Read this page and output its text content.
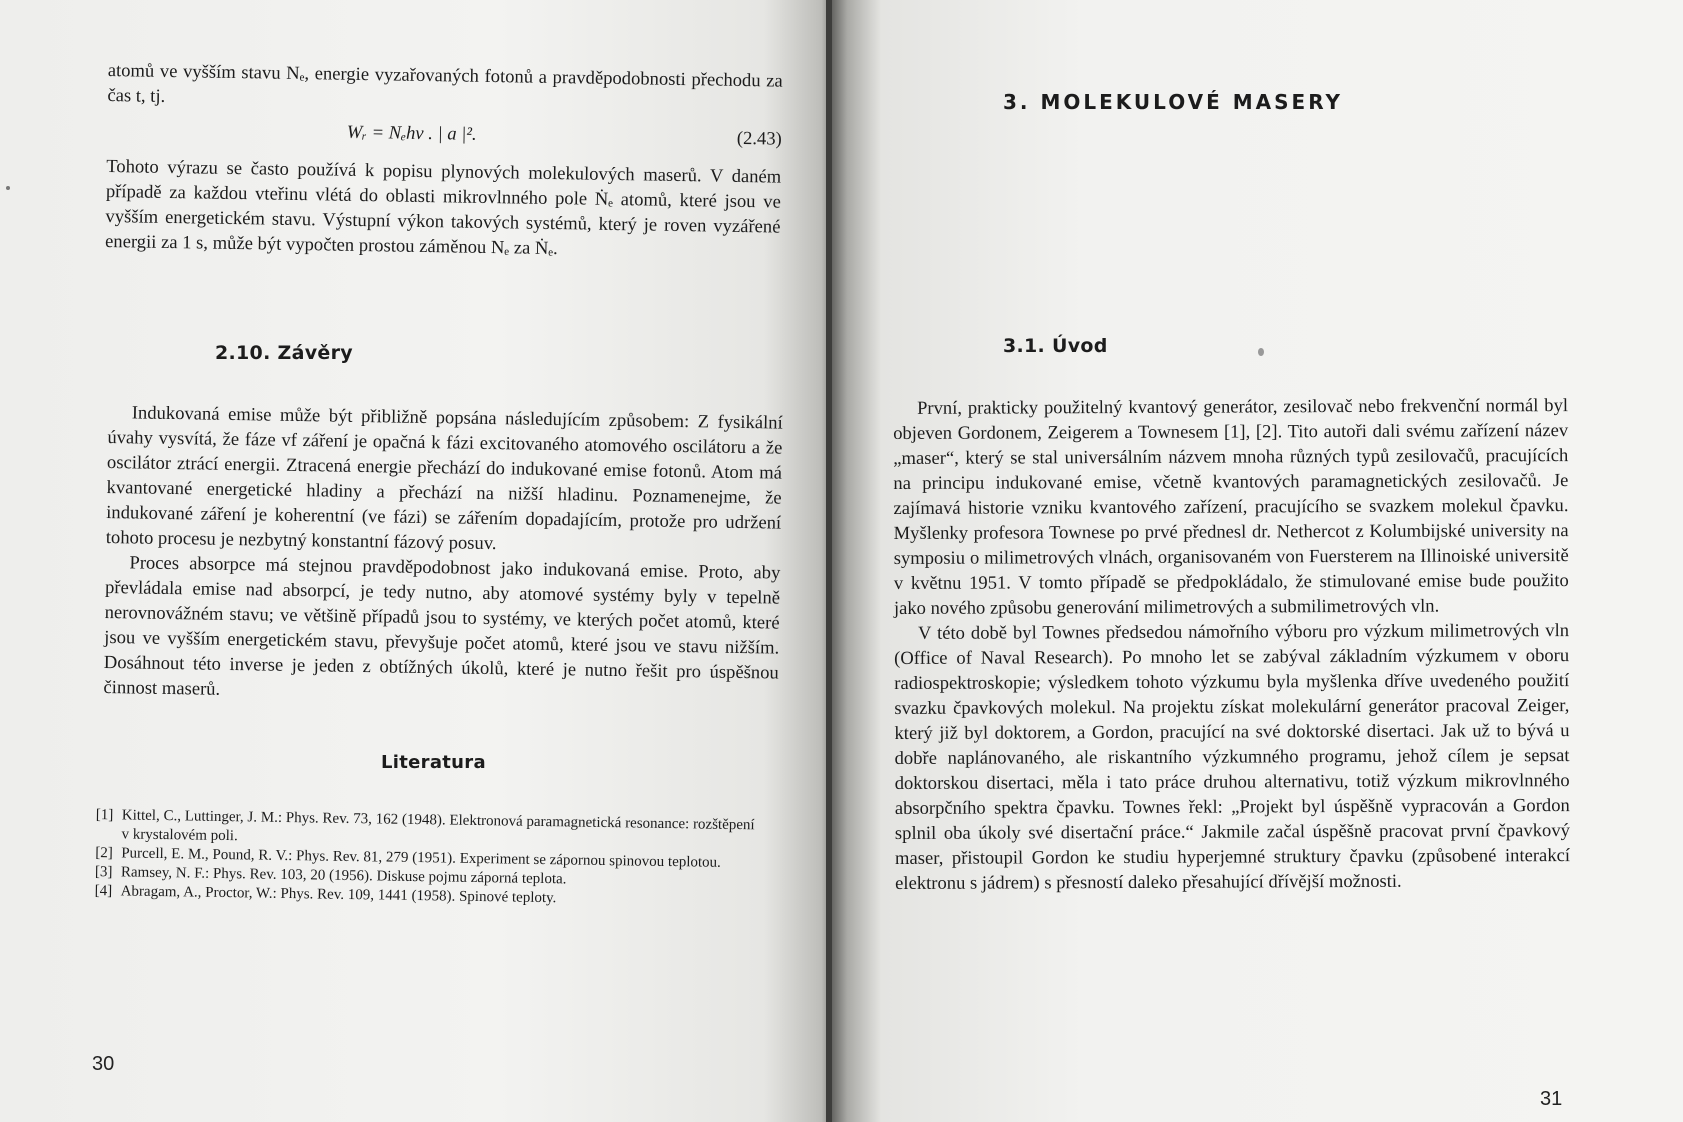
atomů ve vyšším stavu Nₑ, energie vyzařovaných fotonů a pravděpodobnosti přechodu za čas t, tj.

Wᵣ = Nₑhν . | a |².	(2.43)

Tohoto výrazu se často používá k popisu plynových molekulových maserů. V daném případě za každou vteřinu vlétá do oblasti mikrovlnného pole Ṅₑ atomů, které jsou ve vyšším energetickém stavu. Výstupní výkon takových systémů, který je roven vyzářené energii za 1 s, může být vypočten prostou záměnou Nₑ za Ṅₑ.

2.10. Závěry

Indukovaná emise může být přibližně popsána následujícím způsobem: Z fysikální úvahy vysvítá, že fáze vf záření je opačná k fázi excitovaného atomového oscilátoru a že oscilátor ztrácí energii. Ztracená energie přechází do indukované emise fotonů. Atom má kvantované energetické hladiny a přechází na nižší hladinu. Poznamenejme, že indukované záření je koherentní (ve fázi) se zářením dopadajícím, protože pro udržení tohoto procesu je nezbytný konstantní fázový posuv.

Proces absorpce má stejnou pravděpodobnost jako indukovaná emise. Proto, aby převládala emise nad absorpcí, je tedy nutno, aby atomové systémy byly v tepelně nerovnovážném stavu; ve většině případů jsou to systémy, ve kterých počet atomů, které jsou ve vyšším energetickém stavu, převyšuje počet atomů, které jsou ve stavu nižším. Dosáhnout této inverse je jeden z obtížných úkolů, které je nutno řešit pro úspěšnou činnost maserů.

Literatura
[1] Kittel, C., Luttinger, J. M.: Phys. Rev. 73, 162 (1948). Elektronová paramagnetická resonance: rozštěpení v krystalovém poli.
[2] Purcell, E. M., Pound, R. V.: Phys. Rev. 81, 279 (1951). Experiment se zápornou spinovou teplotou.
[3] Ramsey, N. F.: Phys. Rev. 103, 20 (1956). Diskuse pojmu záporná teplota.
[4] Abragam, A., Proctor, W.: Phys. Rev. 109, 1441 (1958). Spinové teploty.
30
3. MOLEKULOVÉ MASERY
3.1. Úvod

První, prakticky použitelný kvantový generátor, zesilovač nebo frekvenční normál byl objeven Gordonem, Zeigerem a Townesem [1], [2]. Tito autoři dali svému zařízení název „maser“, který se stal universálním názvem mnoha různých typů zesilovačů, pracujících na principu indukované emise, včetně kvantových paramagnetických zesilovačů. Je zajímavá historie vzniku kvantového zařízení, pracujícího se svazkem molekul čpavku. Myšlenky profesora Townese po prvé přednesl dr. Nethercot z Kolumbijské university na symposiu o milimetrových vlnách, organisovaném von Fuersterem na Illinoiské universitě v květnu 1951. V tomto případě se předpokládalo, že stimulované emise bude použito jako nového způsobu generování milimetrových a submilimetrových vln.

V této době byl Townes předsedou námořního výboru pro výzkum milimetrových vln (Office of Naval Research). Po mnoho let se zabýval základním výzkumem v oboru radiospektroskopie; výsledkem tohoto výzkumu byla myšlenka dříve uvedeného použití svazku čpavkových molekul. Na projektu získat molekulární generátor pracoval Zeiger, který již byl doktorem, a Gordon, pracující na své doktorské disertaci. Jak už to bývá u dobře naplánovaného, ale riskantního výzkumného programu, jehož cílem je sepsat doktorskou disertaci, měla i tato práce druhou alternativu, totiž výzkum mikrovlnného absorpčního spektra čpavku. Townes řekl: „Projekt byl úspěšně vypracován a Gordon splnil oba úkoly své disertační práce.“ Jakmile začal úspěšně pracovat první čpavkový maser, přistoupil Gordon ke studiu hyperjemné struktury čpavku (způsobené interakcí elektronu s jádrem) s přesností daleko přesahující dřívější možnosti.

31
